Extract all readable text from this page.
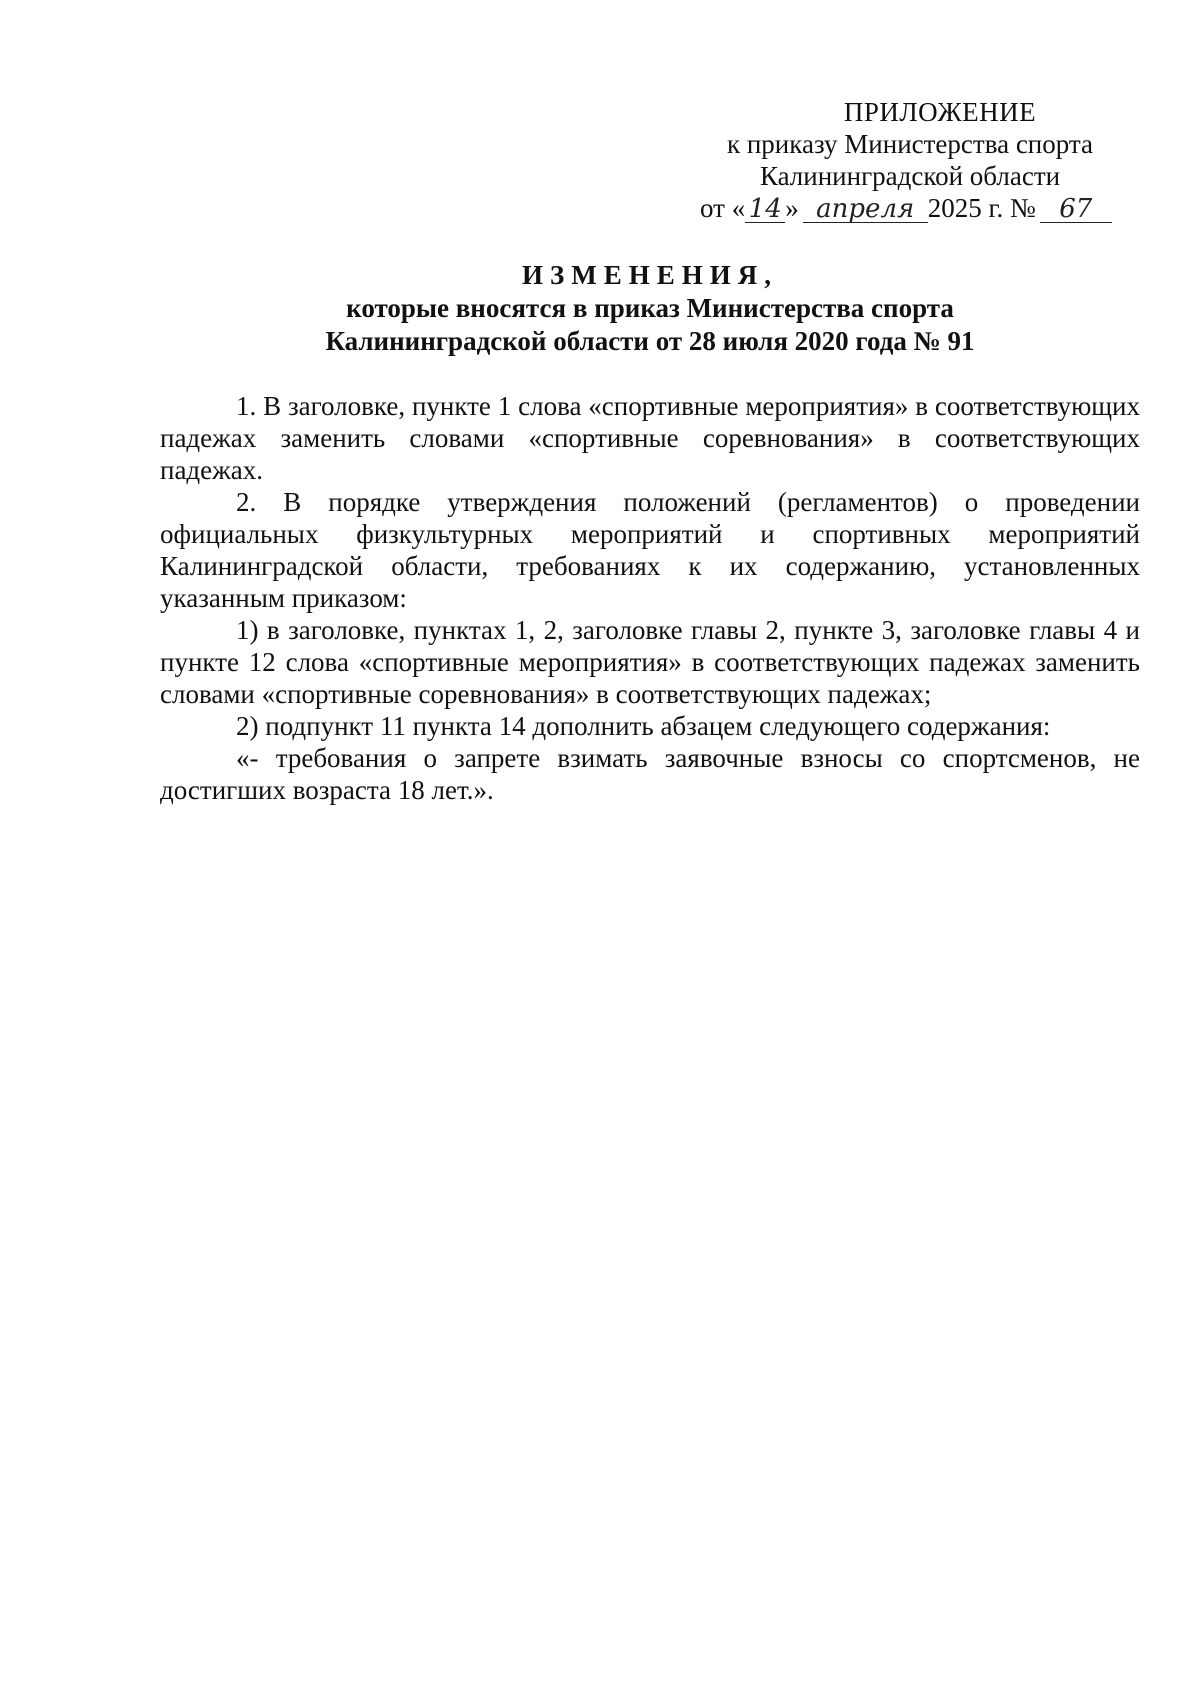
ПРИЛОЖЕНИЕ
к приказу Министерства спорта
Калининградской области
от « 14 » апреля 2025 г. № 67
ИЗМЕНЕНИЯ,
которые вносятся в приказ Министерства спорта
Калининградской области от 28 июля 2020 года № 91

1. В заголовке, пункте 1 слова «спортивные мероприятия» в соответствующих падежах заменить словами «спортивные соревнования» в соответствующих падежах.

2. В порядке утверждения положений (регламентов) о проведении официальных физкультурных мероприятий и спортивных мероприятий Калининградской области, требованиях к их содержанию, установленных указанным приказом:

1) в заголовке, пунктах 1, 2, заголовке главы 2, пункте 3, заголовке главы 4 и пункте 12 слова «спортивные мероприятия» в соответствующих падежах заменить словами «спортивные соревнования» в соответствующих падежах;

2) подпункт 11 пункта 14 дополнить абзацем следующего содержания:

«- требования о запрете взимать заявочные взносы со спортсменов, не достигших возраста 18 лет.».
